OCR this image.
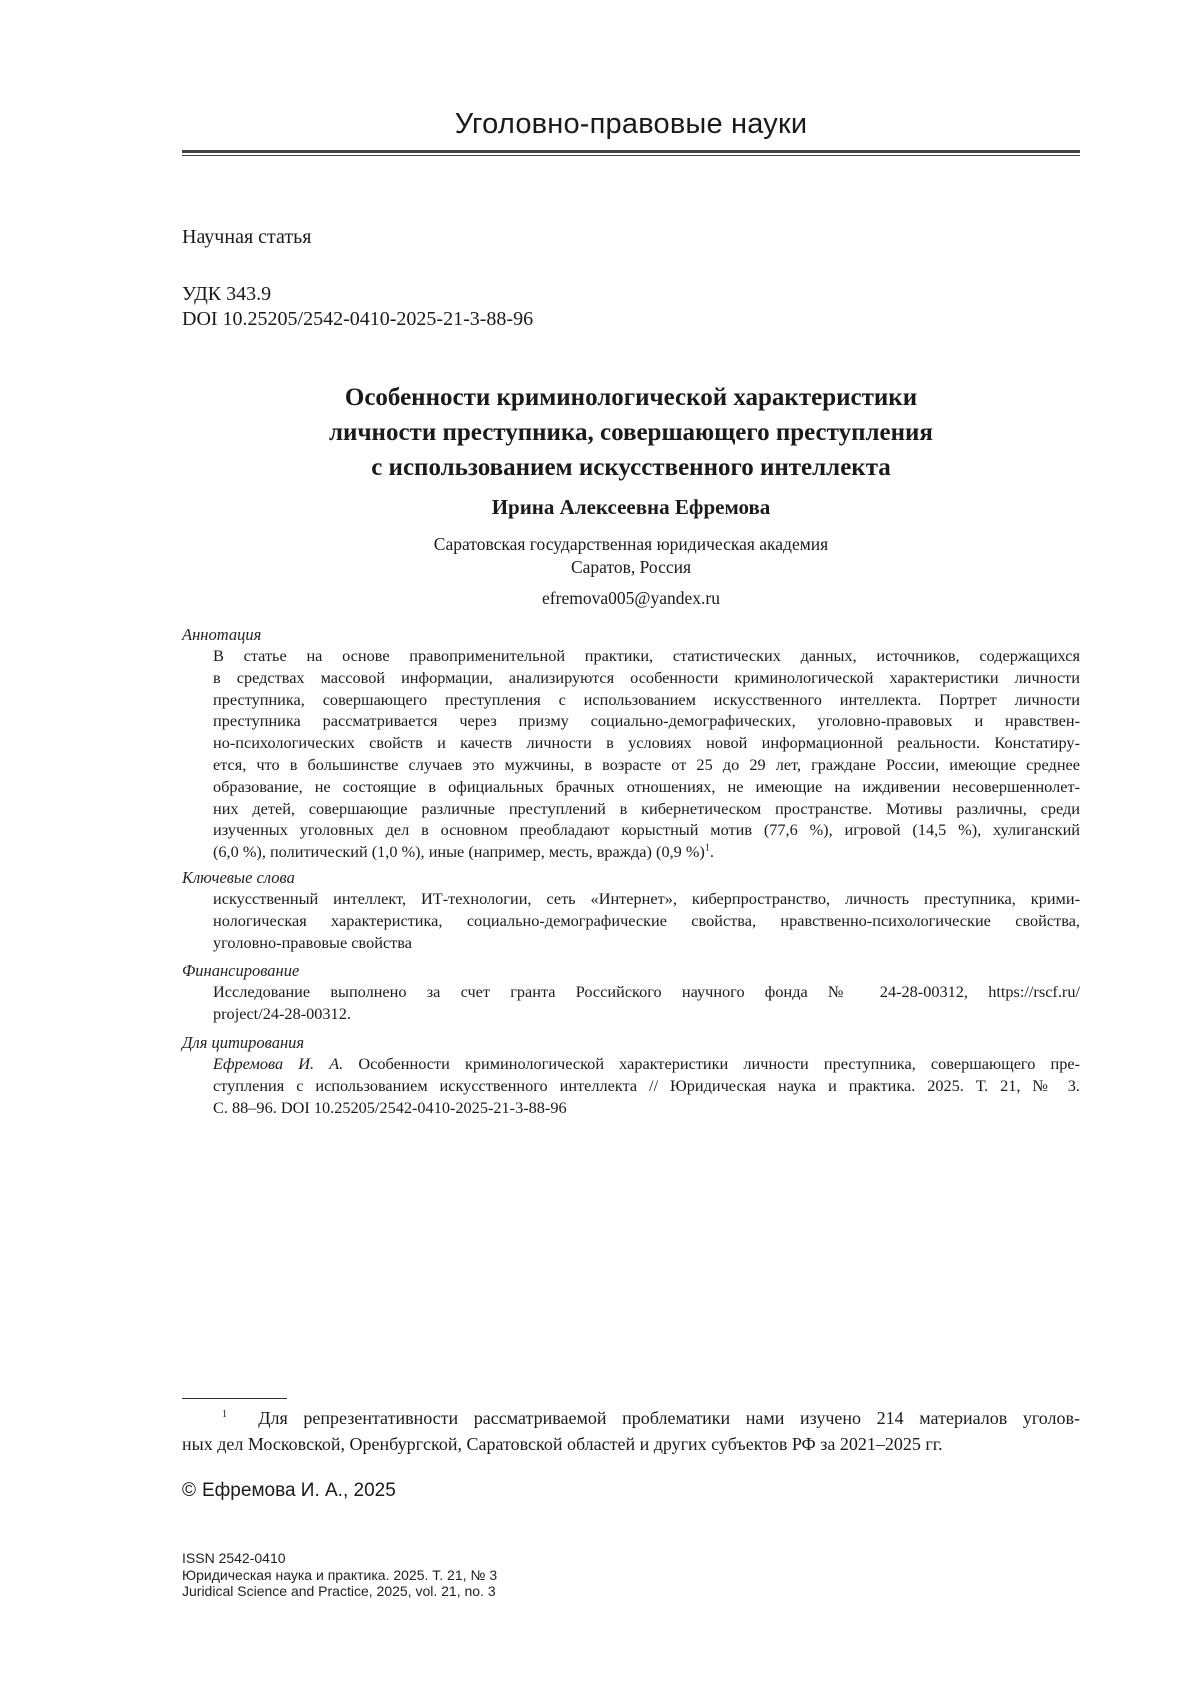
Уголовно-правовые науки
Научная статья
УДК 343.9
DOI 10.25205/2542-0410-2025-21-3-88-96
Особенности криминологической характеристики
личности преступника, совершающего преступления
с использованием искусственного интеллекта
Ирина Алексеевна Ефремова
Саратовская государственная юридическая академия
Саратов, Россия
efremova005@yandex.ru
Аннотация
В статье на основе правоприменительной практики, статистических данных, источников, содержащихся
в средствах массовой информации, анализируются особенности криминологической характеристики личности
преступника, совершающего преступления с использованием искусственного интеллекта. Портрет личности
преступника рассматривается через призму социально-демографических, уголовно-правовых и нравствен-
но-психологических свойств и качеств личности в условиях новой информационной реальности. Констатиру-
ется, что в большинстве случаев это мужчины, в возрасте от 25 до 29 лет, граждане России, имеющие среднее
образование, не состоящие в официальных брачных отношениях, не имеющие на иждивении несовершеннолет-
них детей, совершающие различные преступлений в кибернетическом пространстве. Мотивы различны, среди
изученных уголовных дел в основном преобладают корыстный мотив (77,6 %), игровой (14,5 %), хулиганский
(6,0 %), политический (1,0 %), иные (например, месть, вражда) (0,9 %)$^1$.
Ключевые слова
искусственный интеллект, ИТ-технологии, сеть «Интернет», киберпространство, личность преступника, крими-
нологическая характеристика, социально-демографические свойства, нравственно-психологические свойства,
уголовно-правовые свойства
Финансирование
Исследование выполнено за счет гранта Российского научного фонда № 24-28-00312, https://rscf.ru/
project/24-28-00312.
Для цитирования
Ефремова И. А. Особенности криминологической характеристики личности преступника, совершающего пре-
ступления с использованием искусственного интеллекта // Юридическая наука и практика. 2025. Т. 21, № 3.
С. 88–96. DOI 10.25205/2542-0410-2025-21-3-88-96
$^1$ Для репрезентативности рассматриваемой проблематики нами изучено 214 материалов уголов-
ных дел Московской, Оренбургской, Саратовской областей и других субъектов РФ за 2021–2025 гг.
© Ефремова И. А., 2025
ISSN 2542-0410
Юридическая наука и практика. 2025. Т. 21, № 3
Juridical Science and Practice, 2025, vol. 21, no. 3
